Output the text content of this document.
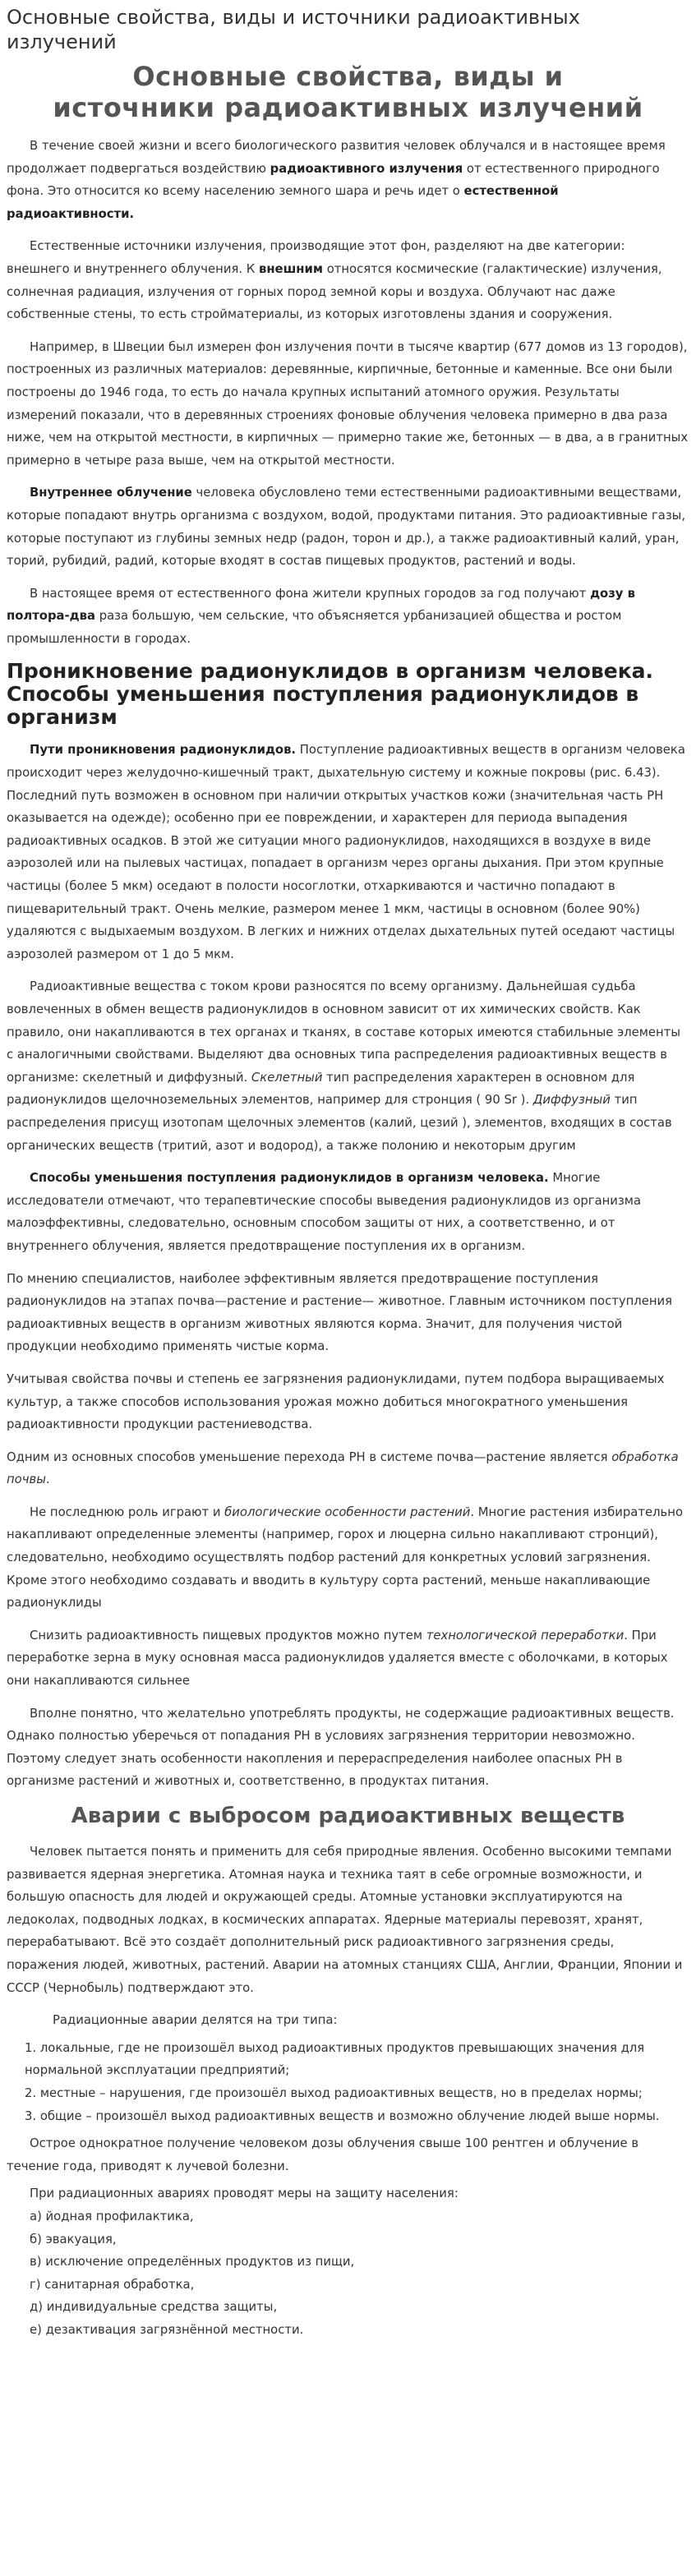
Основные свойства, виды и источники радиоактивных излучений
Основные свойства, виды и
источники радиоактивных излучений

В течение своей жизни и всего биологического развития человек облучался и в настоящее время продолжает подвергаться воздействию радиоактивного излучения от естественного природного фона. Это относится ко всему населению земного шара и речь идет о естественной радиоактивности.

Естественные источники излучения, производящие этот фон, разделяют на две категории: внешнего и внутреннего облучения. К внешним относятся космические (галактические) излучения, солнечная радиация, излучения от горных пород земной коры и воздуха. Облучают нас даже собственные стены, то есть стройматериалы, из которых изготовлены здания и сооружения.

Например, в Швеции был измерен фон излучения почти в тысяче квартир (677 домов из 13 городов), построенных из различных материалов: деревянные, кирпичные, бетонные и каменные. Все они были построены до 1946 года, то есть до начала крупных испытаний атомного оружия. Результаты измерений показали, что в деревянных строениях фоновые облучения человека примерно в два раза ниже, чем на открытой местности, в кирпичных — примерно такие же, бетонных — в два, а в гранитных примерно в четыре раза выше, чем на открытой местности.

Внутреннее облучение человека обусловлено теми естественными радиоактивными веществами, которые попадают внутрь организма с воздухом, водой, продуктами питания. Это радиоактивные газы, которые поступают из глубины земных недр (радон, торон и др.), а также радиоактивный калий, уран, торий, рубидий, радий, которые входят в состав пищевых продуктов, растений и воды.

В настоящее время от естественного фона жители крупных городов за год получают дозу в полтора-два раза большую, чем сельские, что объясняется урбанизацией общества и ростом промышленности в городах.

Проникновение радионуклидов в организм человека. Способы уменьшения поступления радионуклидов в организм

Пути проникновения радионуклидов. Поступление радиоактивных веществ в организм человека происходит через желудочно-кишечный тракт, дыхательную систему и кожные покровы (рис. 6.43). Последний путь возможен в основном при наличии открытых участков кожи (значительная часть РН оказывается на одежде); особенно при ее повреждении, и характерен для периода выпадения радиоактивных осадков. В этой же ситуации много радионуклидов, находящихся в воздухе в виде аэрозолей или на пылевых частицах, попадает в организм через органы дыхания. При этом крупные частицы (более 5 мкм) оседают в полости носоглотки, отхаркиваются и частично попадают в пищеварительный тракт. Очень мелкие, размером менее 1 мкм, частицы в основном (более 90%) удаляются с выдыхаемым воздухом. В легких и нижних отделах дыхательных путей оседают частицы аэрозолей размером от 1 до 5 мкм.

Радиоактивные вещества с током крови разносятся по всему организму. Дальнейшая судьба вовлеченных в обмен веществ радионуклидов в основном зависит от их химических свойств. Как правило, они накапливаются в тех органах и тканях, в составе которых имеются стабильные элементы с аналогичными свойствами. Выделяют два основных типа распределения радиоактивных веществ в организме: скелетный и диффузный. Скелетный тип распределения характерен в основном для радионуклидов щелочноземельных элементов, например для стронция ( 90 Sr ). Диффузный тип распределения присущ изотопам щелочных элементов (калий, цезий ), элементов, входящих в состав органических веществ (тритий, азот и водород), а также полонию и некоторым другим

Способы уменьшения поступления радионуклидов в организм человека. Многие исследователи отмечают, что терапевтические способы выведения радионуклидов из организма малоэффективны, следовательно, основным способом защиты от них, а соответственно, и от внутреннего облучения, является предотвращение поступления их в организм.

По мнению специалистов, наиболее эффективным является предотвращение поступления радионуклидов на этапах почва—растение и растение— животное. Главным источником поступления радиоактивных веществ в организм животных являются корма. Значит, для получения чистой продукции необходимо применять чистые корма.

Учитывая свойства почвы и степень ее загрязнения радионуклидами, путем подбора выращиваемых культур, а также способов использования урожая можно добиться многократного уменьшения радиоактивности продукции растениеводства.

Одним из основных способов уменьшение перехода РН в системе почва—растение является обработка почвы.

Не последнюю роль играют и биологические особенности растений. Многие растения избирательно накапливают определенные элементы (например, горох и люцерна сильно накапливают стронций), следовательно, необходимо осуществлять подбор растений для конкретных условий загрязнения. Кроме этого необходимо создавать и вводить в культуру сорта растений, меньше накапливающие радионуклиды

Снизить радиоактивность пищевых продуктов можно путем технологической переработки. При переработке зерна в муку основная масса радионуклидов удаляется вместе с оболочками, в которых они накапливаются сильнее

Вполне понятно, что желательно употреблять продукты, не содержащие радиоактивных веществ. Однако полностью уберечься от попадания РН в условиях загрязнения территории невозможно. Поэтому следует знать особенности накопления и перераспределения наиболее опасных РН в организме растений и животных и, соответственно, в продуктах питания.

Аварии с выбросом радиоактивных веществ

Человек пытается понять и применить для себя природные явления. Особенно высокими темпами развивается ядерная энергетика. Атомная наука и техника таят в себе огромные возможности, и большую опасность для людей и окружающей среды. Атомные установки эксплуатируются на ледоколах, подводных лодках, в космических аппаратах. Ядерные материалы перевозят, хранят, перерабатывают. Всё это создаёт дополнительный риск радиоактивного загрязнения среды, поражения людей, животных, растений. Аварии на атомных станциях США, Англии, Франции, Японии и СССР (Чернобыль) подтверждают это.

Радиационные аварии делятся на три типа:

1. локальные, где не произошёл выход радиоактивных продуктов превышающих значения для нормальной эксплуатации предприятий;

2. местные – нарушения, где произошёл выход радиоактивных веществ, но в пределах нормы;

3. общие – произошёл выход радиоактивных веществ и возможно облучение людей выше нормы.

Острое однократное получение человеком дозы облучения свыше 100 рентген и облучение в течение года, приводят к лучевой болезни.

При радиационных авариях проводят меры на защиту населения:

а) йодная профилактика,

б) эвакуация,

в) исключение определённых продуктов из пищи,

г) санитарная обработка,

д) индивидуальные средства защиты,

е) дезактивация загрязнённой местности.
